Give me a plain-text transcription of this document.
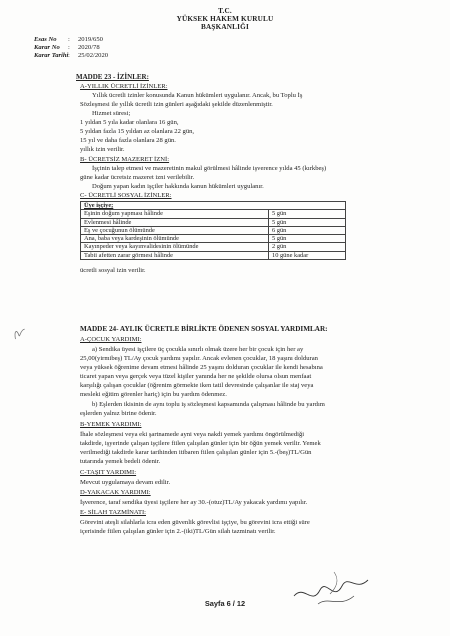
T.C.
YÜKSEK HAKEM KURULU
BAŞKANLIĞI
Esas No : 2019/650
Karar No : 2020/78
Karar Tarihi: 25/02/2020
MADDE 23 - İZİNLER:
A-YILLIK ÜCRETLİ İZİNLER:
Yıllık ücretli izinler konusunda Kanun hükümleri uygulanır. Ancak, bu Toplu İş
Sözleşmesi ile yıllık ücretli izin günleri aşağıdaki şekilde düzenlenmiştir.
Hizmet süresi;
1 yıldan 5 yıla kadar olanlara 16 gün,
5 yıldan fazla 15 yıldan az olanlara 22 gün,
15 yıl ve daha fazla olanlara 28 gün.
yıllık izin verilir.
B- ÜCRETSİZ MAZERET İZNİ:
İşçinin talep etmesi ve mazeretinin makul görülmesi hâlinde işverence yılda 45 (kırkbeş)
güne kadar ücretsiz mazeret izni verilebilir.
Doğum yapan kadın işçiler hakkında kanun hükümleri uygulanır.
C- ÜCRETLİ SOSYAL İZİNLER:
Üye işçiye;	
Eşinin doğum yapması hâlinde	5 gün
Evlenmesi hâlinde	5 gün
Eş ve çocuğunun ölümünde	6 gün
Ana, baba veya kardeşinin ölümünde	5 gün
Kayınpeder veya kayınvalidesinin ölümünde	2 gün
Tabii afetten zarar görmesi hâlinde	10 güne kadar
ücretli sosyal izin verilir.
MADDE 24- AYLIK ÜCRETLE BİRLİKTE ÖDENEN SOSYAL YARDIMLAR:
A-ÇOCUK YARDIMI:
a) Sendika üyesi işçilere üç çocukla sınırlı olmak üzere her bir çocuk için her ay
25,00(yirmibeş) TL/Ay çocuk yardımı yapılır. Ancak evlenen çocuklar, 18 yaşını dolduran
veya yüksek öğrenime devam etmesi hâlinde 25 yaşını dolduran çocuklar ile kendi hesabına
ticaret yapan veya gerçek veya tüzel kişiler yanında her ne şekilde olursa olsun menfaat
karşılığı çalışan çocuklar (öğrenim görmekte iken tatil devresinde çalışanlar ile staj veya
mesleki eğitim görenler hariç) için bu yardım ödenmez.
b) Eşlerden ikisinin de aynı toplu iş sözleşmesi kapsamında çalışması hâlinde bu yardım
eşlerden yalnız birine ödenir.
B-YEMEK YARDIMI:
İhale sözleşmesi veya eki şartnamede ayni veya nakdi yemek yardımı öngörülmediği
takdirde, işyerinde çalışan işçilere fiilen çalışılan günler için bir öğün yemek verilir. Yemek
verilmediği takdirde karar tarihinden itibaren fiilen çalışılan günler için 5.-(beş)TL/Gün
tutarında yemek bedeli ödenir.
C-TAŞIT YARDIMI:
Mevcut uygulamaya devam edilir.
D-YAKACAK YARDIMI:
İşverence, taraf sendika üyesi işçilere her ay 30.-(otuz)TL/Ay yakacak yardımı yapılır.
E- SİLAH TAZMİNATI:
Görevini ateşli silahlarla icra eden güvenlik görevlisi işçiye, bu görevini icra ettiği süre
içerisinde fiilen çalışılan günler için 2.-(iki)TL/Gün silah tazminatı verilir.
Sayfa 6 / 12
